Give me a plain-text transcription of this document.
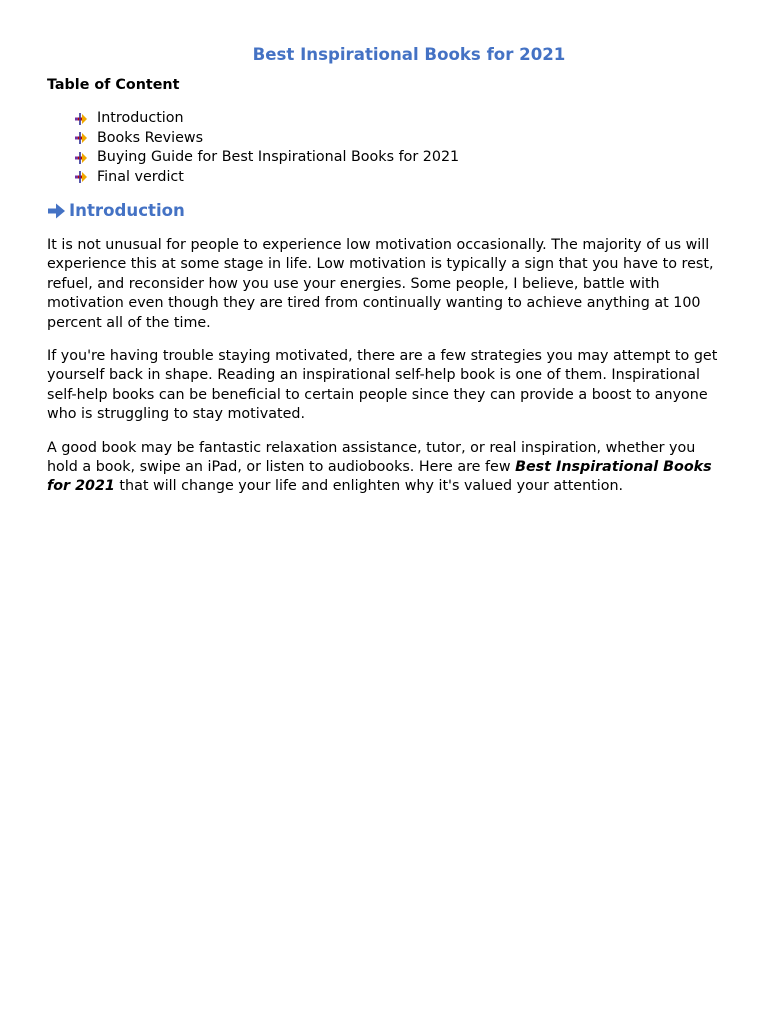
Best Inspirational Books for 2021
Table of Content
Introduction
Books Reviews
Buying Guide for Best Inspirational Books for 2021
Final verdict
Introduction

It is not unusual for people to experience low motivation occasionally. The majority of us will experience this at some stage in life. Low motivation is typically a sign that you have to rest, refuel, and reconsider how you use your energies. Some people, I believe, battle with motivation even though they are tired from continually wanting to achieve anything at 100 percent all of the time.

If you're having trouble staying motivated, there are a few strategies you may attempt to get yourself back in shape. Reading an inspirational self-help book is one of them. Inspirational self-help books can be beneficial to certain people since they can provide a boost to anyone who is struggling to stay motivated.

A good book may be fantastic relaxation assistance, tutor, or real inspiration, whether you hold a book, swipe an iPad, or listen to audiobooks. Here are few Best Inspirational Books for 2021 that will change your life and enlighten why it's valued your attention.
